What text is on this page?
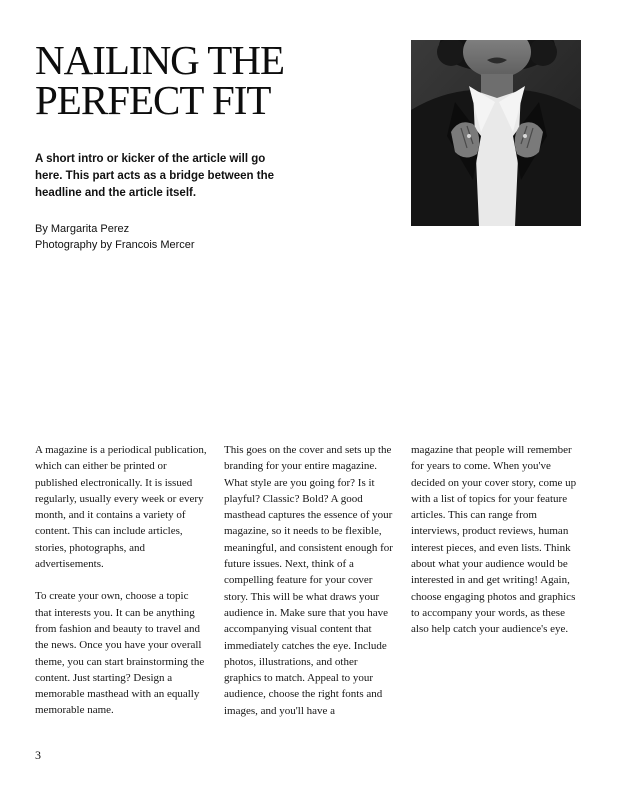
NAILING THE
PERFECT FIT

A short intro or kicker of the article will go here. This part acts as a bridge between the headline and the article itself.

By Margarita Perez
Photography by Francois Mercer

A magazine is a periodical publication, which can either be printed or published electronically. It is issued regularly, usually every week or every month, and it contains a variety of content. This can include articles, stories, photographs, and advertisements.

To create your own, choose a topic that interests you. It can be anything from fashion and beauty to travel and the news. Once you have your overall theme, you can start brainstorming the content. Just starting? Design a memorable masthead with an equally memorable name.

This goes on the cover and sets up the branding for your entire magazine. What style are you going for? Is it playful? Classic? Bold? A good masthead captures the essence of your magazine, so it needs to be flexible, meaningful, and consistent enough for future issues. Next, think of a compelling feature for your cover story. This will be what draws your audience in. Make sure that you have accompanying visual content that immediately catches the eye. Include photos, illustrations, and other graphics to match. Appeal to your audience, choose the right fonts and images, and you'll have a

magazine that people will remember for years to come. When you've decided on your cover story, come up with a list of topics for your feature articles. This can range from interviews, product reviews, human interest pieces, and even lists. Think about what your audience would be interested in and get writing! Again, choose engaging photos and graphics to accompany your words, as these also help catch your audience's eye.

3
